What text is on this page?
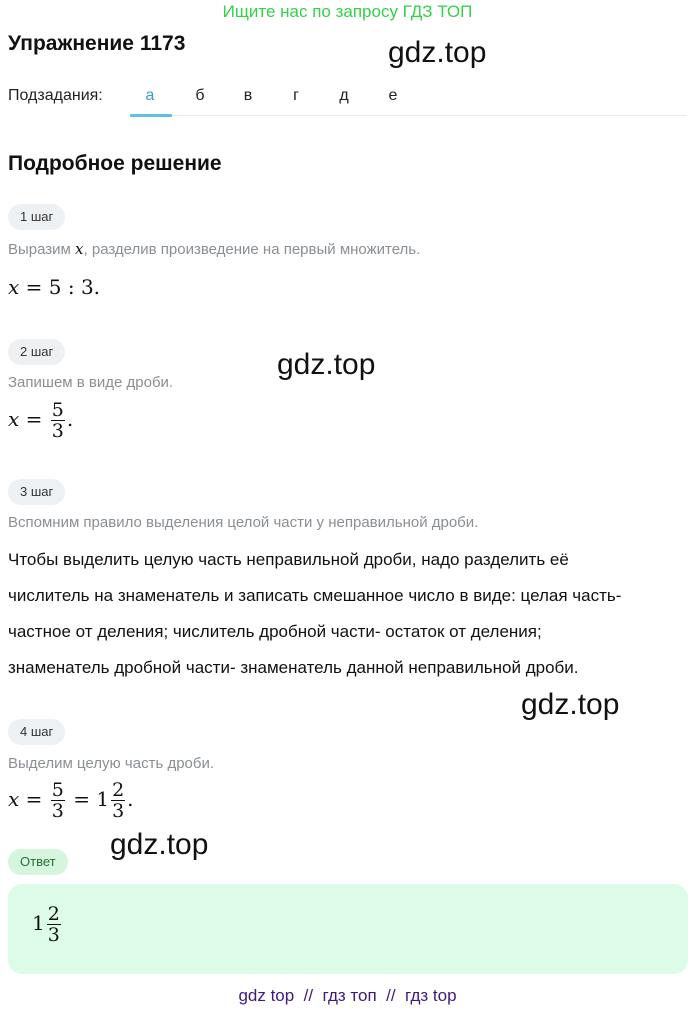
Ищите нас по запросу ГДЗ ТОП
Упражнение 1173	gdz.top
Подзадания:	а	б	в	г	д	е
Подробное решение
1 шаг
Выразим x, разделив произведение на первый множитель.
x = 5 : 3.
2 шаг	gdz.top
Запишем в виде дроби.
$x = \frac{5}{3}$ .
3 шаг
Вспомним правило выделения целой части у неправильной дроби.
Чтобы выделить целую часть неправильной дроби, надо разделить её
числитель на знаменатель и записать смешанное число в виде: целая часть-
частное от деления; числитель дробной части- остаток от деления;
знаменатель дробной части- знаменатель данной неправильной дроби.
gdz.top
4 шаг
Выделим целую часть дроби.
$x = \frac{5}{3} = 1 \frac{2}{3}$ .
gdz.top
Ответ
$1 \frac{2}{3}$
gdz top  //  гдз топ  //  гдз top
